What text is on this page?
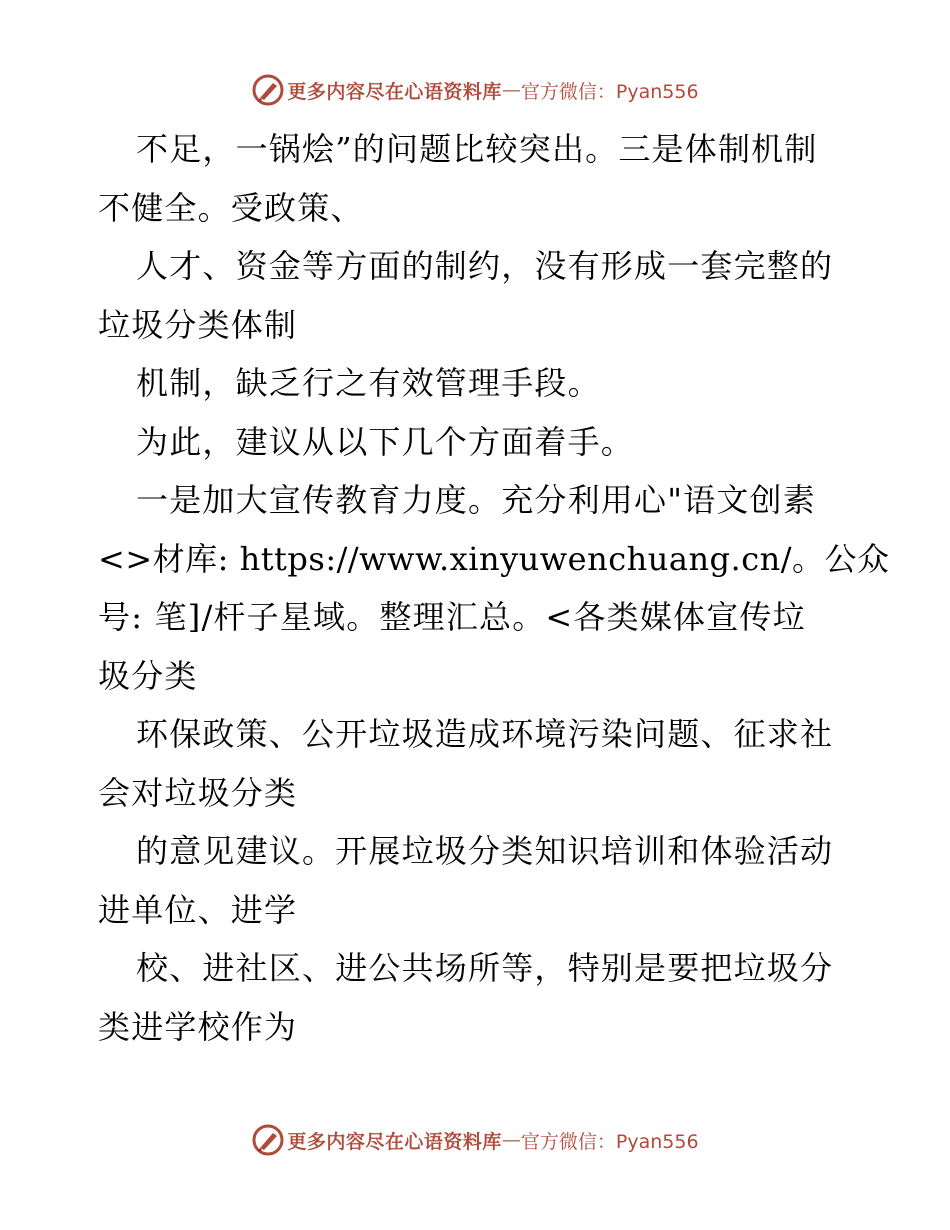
更多内容尽在心语资料库 — 官方微信：Pyan556
不足，一锅烩”的问题比较突出。三是体制机制
不健全。受政策、
人才、资金等方面的制约，没有形成一套完整的
垃圾分类体制
机制，缺乏行之有效管理手段。
为此，建议从以下几个方面着手。
一是加大宣传教育力度。充分利用心"语文创素
<>材库: https://www.xinyuwenchuang.cn/。公众
号: 笔]/杆子星域。整理汇总。<各类媒体宣传垃
圾分类
环保政策、公开垃圾造成环境污染问题、征求社
会对垃圾分类
的意见建议。开展垃圾分类知识培训和体验活动
进单位、进学
校、进社区、进公共场所等，特别是要把垃圾分
类进学校作为
更多内容尽在心语资料库 — 官方微信：Pyan556
